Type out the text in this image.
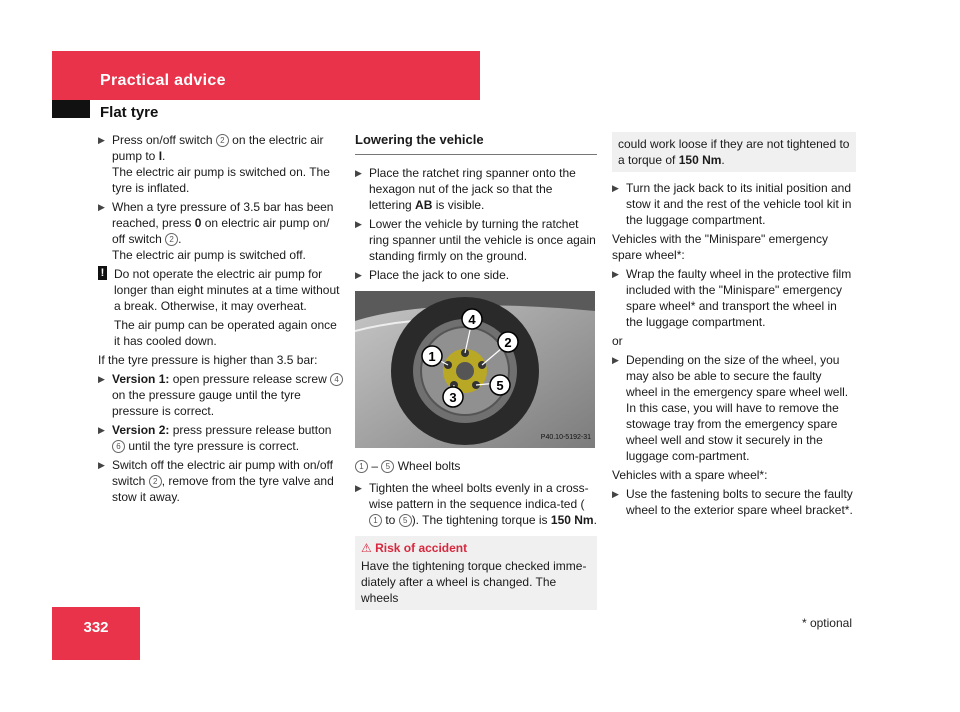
Practical advice
Flat tyre
▶ Press on/off switch 2 on the electric air pump to I.
The electric air pump is switched on. The tyre is inflated.
▶ When a tyre pressure of 3.5 bar has been reached, press 0 on electric air pump on/ off switch 2 .
The electric air pump is switched off.
! Do not operate the electric air pump for longer than eight minutes at a time without a break. Otherwise, it may overheat.
The air pump can be operated again once it has cooled down.
If the tyre pressure is higher than 3.5 bar:
▶ Version 1: open pressure release screw 4 on the pressure gauge until the tyre pressure is correct.
▶ Version 2: press pressure release button 6 until the tyre pressure is correct.
▶ Switch off the electric air pump with on/off switch 2 , remove from the tyre valve and stow it away.
Lowering the vehicle
▶ Place the ratchet ring spanner onto the hexagon nut of the jack so that the lettering AB is visible.
▶ Lower the vehicle by turning the ratchet ring spanner until the vehicle is once again standing firmly on the ground.
▶ Place the jack to one side.
1
2
3
4
5
P40.10-5192-31
1 – 5 Wheel bolts
▶ Tighten the wheel bolts evenly in a cross-wise pattern in the sequence indica-ted (1 to 5 ). The tightening torque is 150 Nm.
⚠ Risk of accident
Have the tightening torque checked imme-diately after a wheel is changed. The wheels
could work loose if they are not tightened to a torque of 150 Nm.
▶ Turn the jack back to its initial position and stow it and the rest of the vehicle tool kit in the luggage compartment.
Vehicles with the "Minispare" emergency spare wheel*:
▶ Wrap the faulty wheel in the protective film included with the "Minispare" emergency spare wheel* and transport the wheel in the luggage compartment.
or
▶ Depending on the size of the wheel, you may also be able to secure the faulty wheel in the emergency spare wheel well. In this case, you will have to remove the stowage tray from the emergency spare wheel well and stow it securely in the luggage com-partment.
Vehicles with a spare wheel*:
▶ Use the fastening bolts to secure the faulty wheel to the exterior spare wheel bracket*.
332	* optional
